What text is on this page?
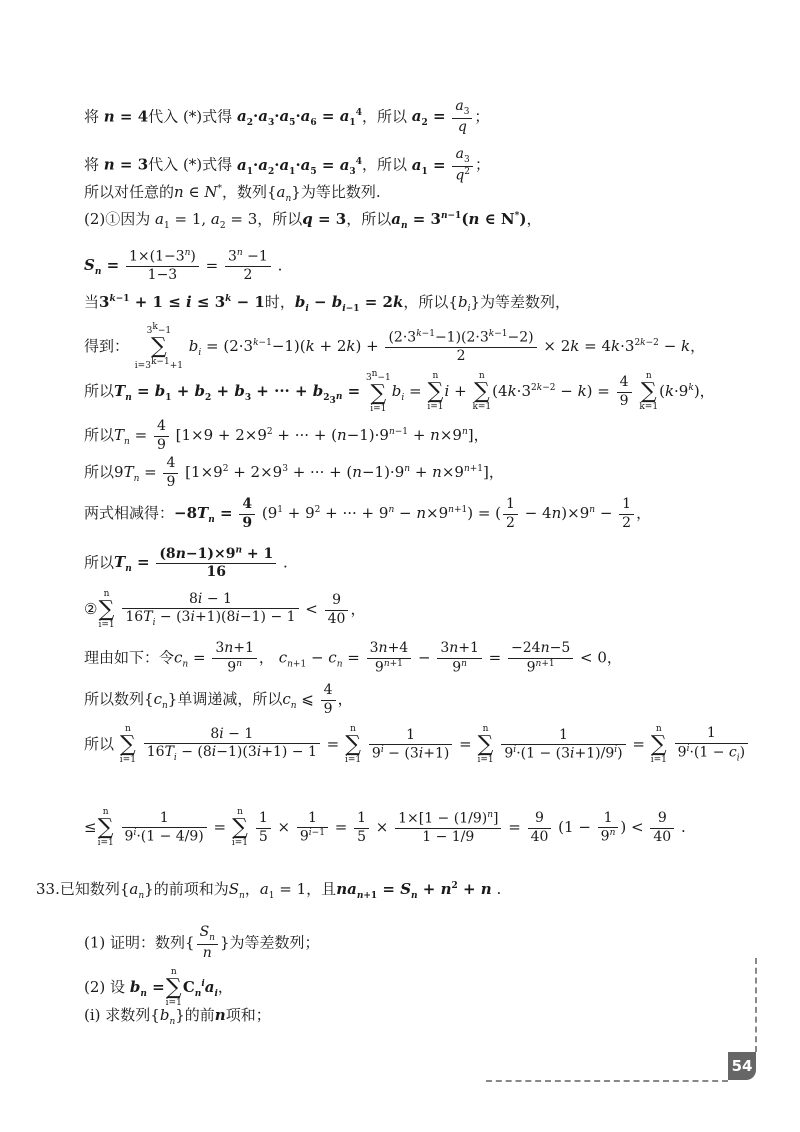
将 n = 4代入 (*)式得 $a_2\cdot a_3\cdot a_5\cdot a_6 = a_1^4$，所以 $a_2 = \frac{a_3}{q}$ ；
将 n = 3代入 (*)式得 $a_1\cdot a_2\cdot a_1\cdot a_5 = a_3^4$，所以 $a_1 = \frac{a_3}{q^2}$ ；
所以对任意的n ∈ N*，数列$\{a_n\}$为等比数列.
(2)①因为 $a_1 = 1$, $a_2 = 3$，所以q = 3，所以$a_n = 3^{n-1}(n$ ∈ N*)，
$S_n = \frac{1\times(1-3^n)}{1-3} = \frac{3^n -1}{2}$ .
当$3^{k-1} + 1 \le i \le 3^k - 1$时，$b_i - b_{i-1} = 2k$，所以$\{b_i\}$为等差数列，
得到： $3^k-1$
∑
$i=3^{k-1}+1$ $b_i = (2\cdot 3^{k-1}-1)(k + 2k) + \frac{(2\cdot 3^{k-1}-1)(2\cdot 3^{k-1}-2)}{2} \times 2k = 4k\cdot 3^{2k-2} - k$，
所以$T_n = b_1 + b_2 + b_3$ + ··· + $b_{2_{3^n}} = 3^n-1$
∑
$i=1b_i = n$
∑
i=1i + n
∑
$k=1(4k\cdot 3^{2k-2} - k) = \frac{4}{9}$ n
∑
$k=1(k\cdot 9^k)$，
所以$T_n = \frac{4}{9} [1\times 9 + 2\times 9^2$ + ··· + $(n-1)\cdot 9^{n-1} + n\times 9^n$]，
所以$9T_n = \frac{4}{9} [1\times 9^2 + 2\times 9^3$ + ··· + $(n-1)\cdot 9^n + n\times 9^{n+1}$]，
两式相减得：$-8T_n = \frac{4}{9} (9^1 + 9^2$ + ··· + $9^n - n\times 9^{n+1}$) = ( $\frac{1}{2} - 4n)\times 9^n - \frac{1}{2}$ ，
所以$T_n = \frac{(8n-1)\times 9^n + 1}{16}$ .
②n
∑
$i=1 \frac{8i - 1}{16T_i - (3i+1)(8i-1) - 1} < \frac{9}{40}$ ，
理由如下：令$c_n = \frac{3n+1}{9^n}$ ， $c_{n+1} - c_n = \frac{3n+4}{9^{n+1}} - \frac{3n+1}{9^n} = \frac{-24n-5}{9^{n+1}} < 0$，
所以数列$\{c_n\}$单调递减，所以$c_n$ ⩽ $\frac{4}{9}$ ，
所以 n
∑
$i=1 \frac{8i - 1}{16T_i - (8i-1)(3i+1) - 1} = n$
∑
$i=1 \frac{1}{9^i - (3i+1)} = n$
∑
$i=1 \frac{1}{9^i\cdot(1 - (3i+1)/9^i)} = n$
∑
$i=1 \frac{1}{9^i\cdot(1 - c_i)}$
≤n
∑
$i=1 \frac{1}{9^i\cdot(1 - 4/9)} = n$
∑
$i=1 \frac{1}{5} \times \frac{1}{9^{i-1}} = \frac{1}{5} \times \frac{1\times[1 - (1/9)^n]}{1 - 1/9} = \frac{9}{40} (1 - \frac{1}{9^n}$ ) < $\frac{9}{40}$ .
33.已知数列$\{a_n\}$的前项和为$S_n$，$a_1 = 1$，且$na_{n+1} = S_n + n^2 + n$ .
(1) 证明：数列{ $\frac{S_n}{n}$ }为等差数列；
(2) 设 $b_n =n$
∑
$i=1C_n^ia_i$，
(i) 求数列$\{b_n\}$的前n项和；
54
